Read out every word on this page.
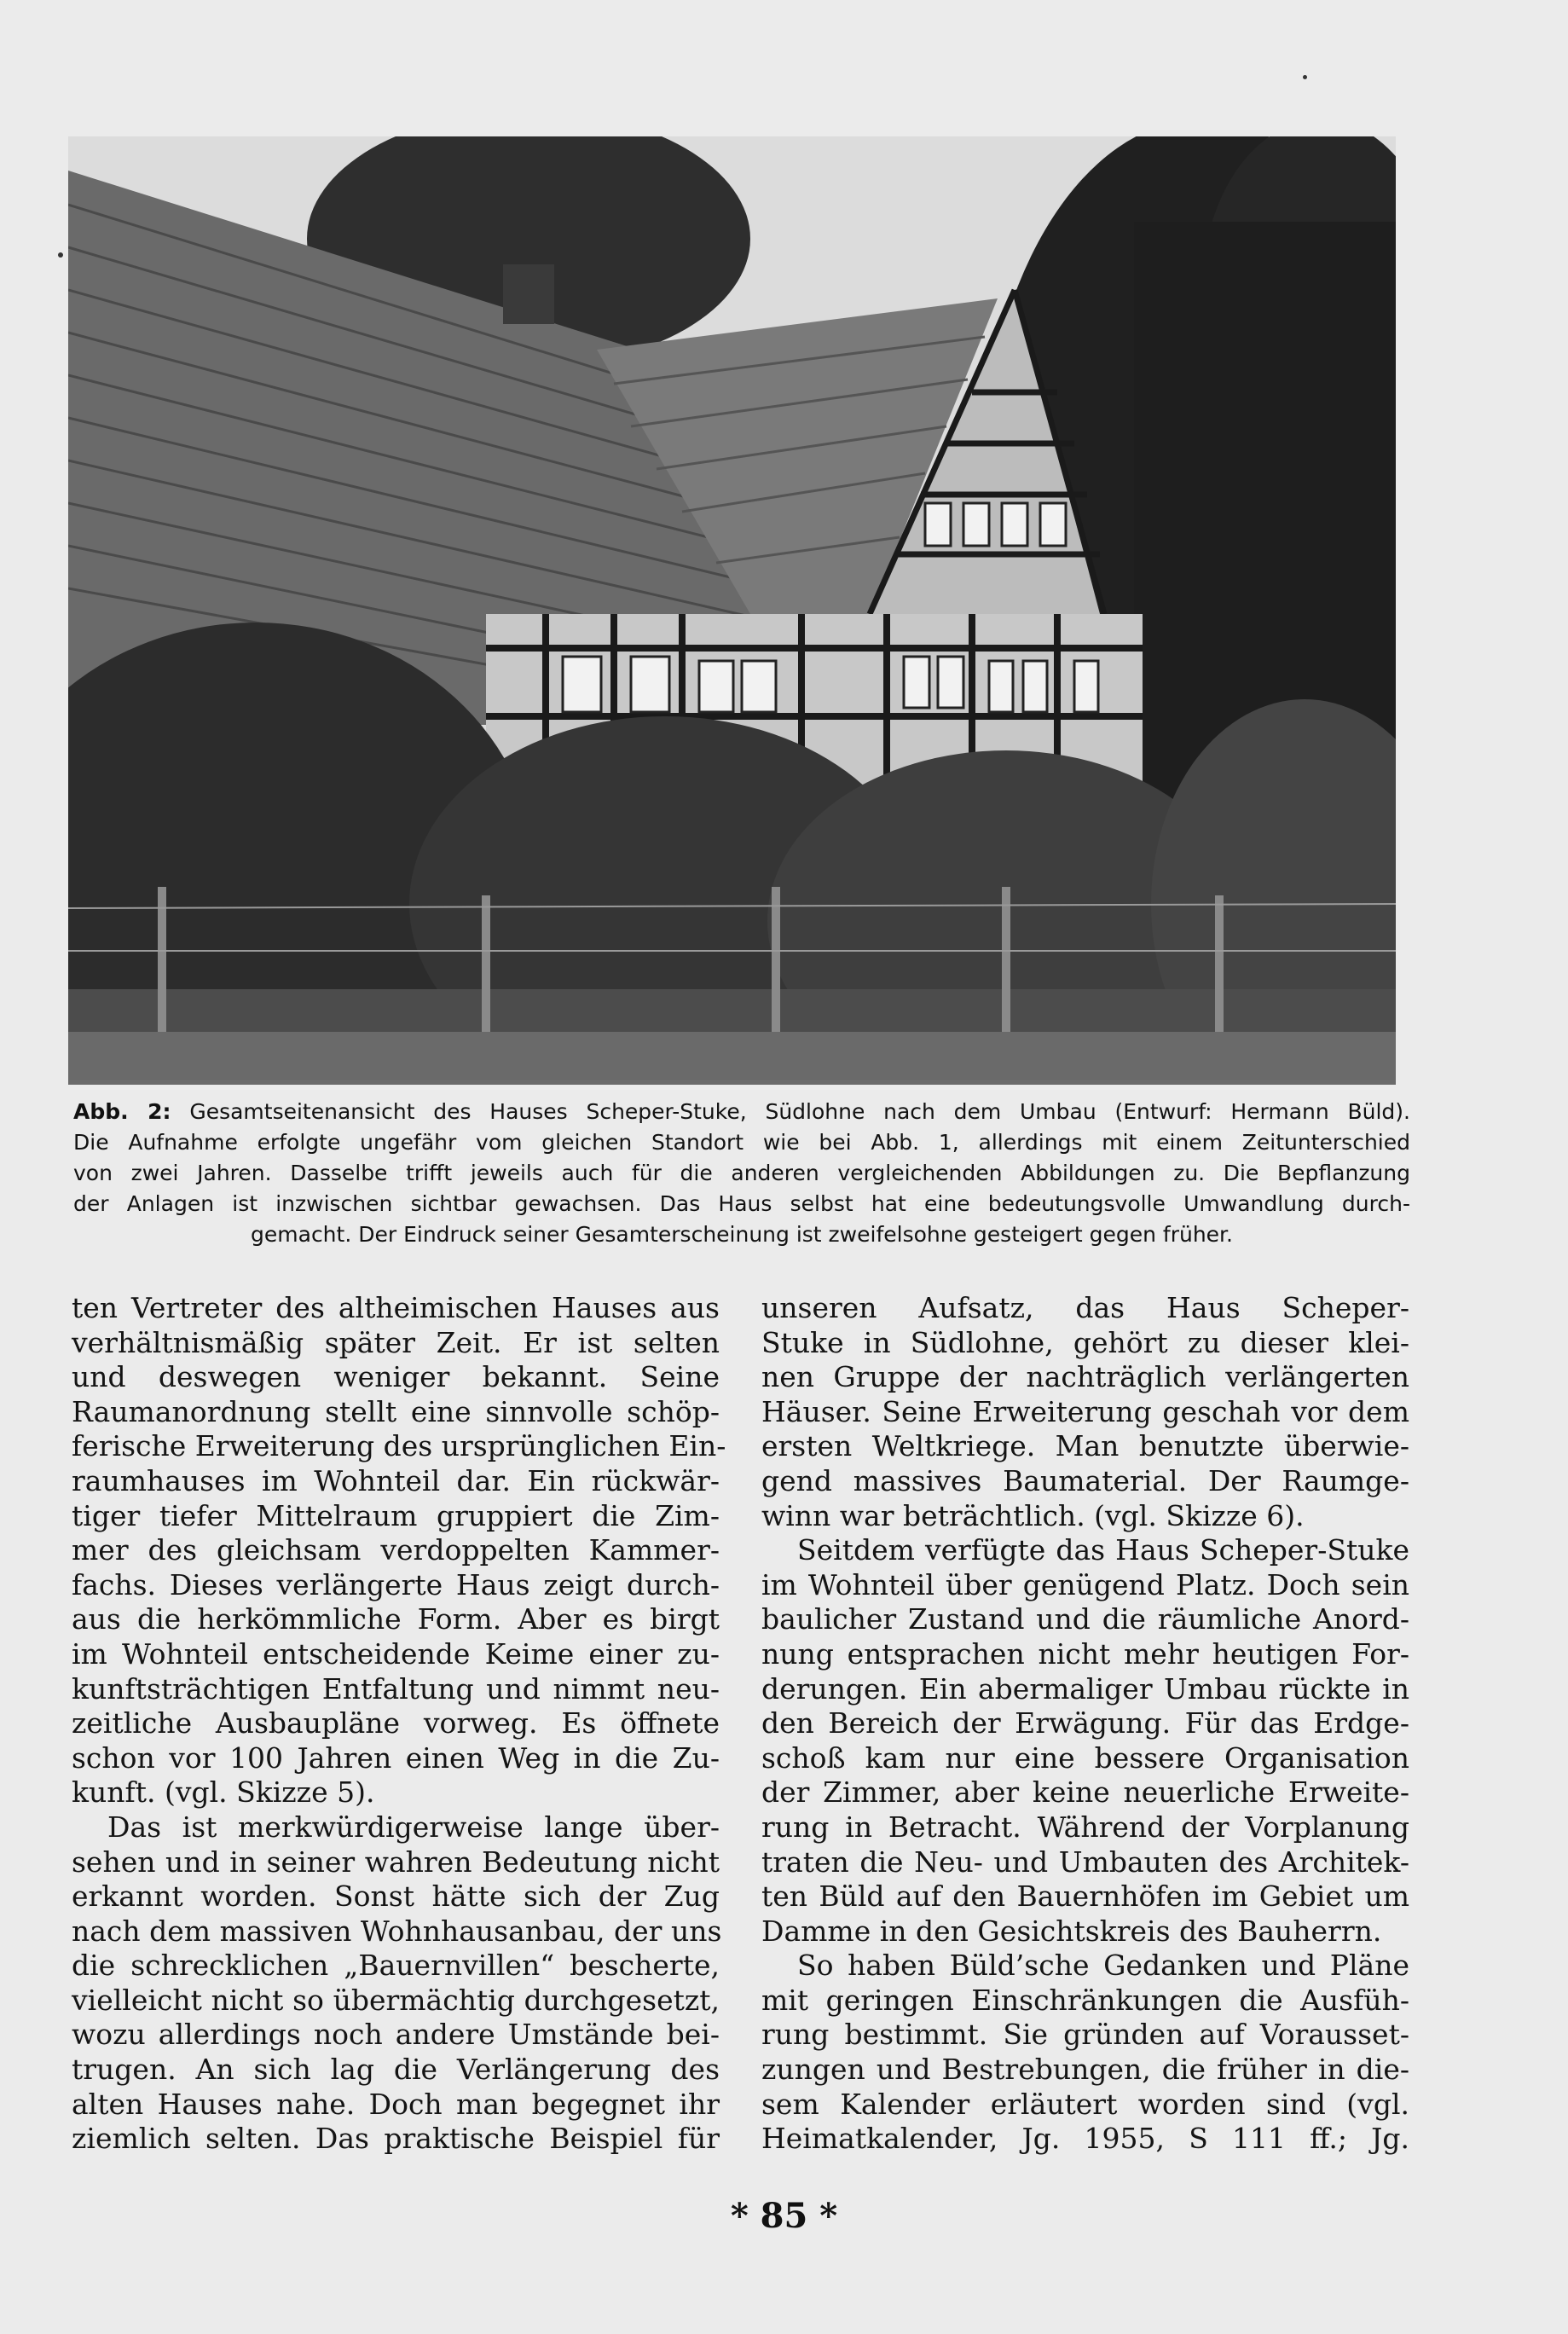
Abb. 2: Gesamtseitenansicht des Hauses Scheper-Stuke, Südlohne nach dem Umbau (Entwurf: Hermann Büld).
Die Aufnahme erfolgte ungefähr vom gleichen Standort wie bei Abb. 1, allerdings mit einem Zeitunterschied
von zwei Jahren. Dasselbe trifft jeweils auch für die anderen vergleichenden Abbildungen zu. Die Bepflanzung
der Anlagen ist inzwischen sichtbar gewachsen. Das Haus selbst hat eine bedeutungsvolle Umwandlung durch-
gemacht. Der Eindruck seiner Gesamterscheinung ist zweifelsohne gesteigert gegen früher.
ten Vertreter des altheimischen Hauses aus
verhältnismäßig später Zeit. Er ist selten
und deswegen weniger bekannt. Seine
Raumanordnung stellt eine sinnvolle schöp-
ferische Erweiterung des ursprünglichen Ein-
raumhauses im Wohnteil dar. Ein rückwär-
tiger tiefer Mittelraum gruppiert die Zim-
mer des gleichsam verdoppelten Kammer-
fachs. Dieses verlängerte Haus zeigt durch-
aus die herkömmliche Form. Aber es birgt
im Wohnteil entscheidende Keime einer zu-
kunftsträchtigen Entfaltung und nimmt neu-
zeitliche Ausbaupläne vorweg. Es öffnete
schon vor 100 Jahren einen Weg in die Zu-
kunft. (vgl. Skizze 5).
Das ist merkwürdigerweise lange über-
sehen und in seiner wahren Bedeutung nicht
erkannt worden. Sonst hätte sich der Zug
nach dem massiven Wohnhausanbau, der uns
die schrecklichen „Bauernvillen“ bescherte,
vielleicht nicht so übermächtig durchgesetzt,
wozu allerdings noch andere Umstände bei-
trugen. An sich lag die Verlängerung des
alten Hauses nahe. Doch man begegnet ihr
ziemlich selten. Das praktische Beispiel für
unseren Aufsatz, das Haus Scheper-
Stuke in Südlohne, gehört zu dieser klei-
nen Gruppe der nachträglich verlängerten
Häuser. Seine Erweiterung geschah vor dem
ersten Weltkriege. Man benutzte überwie-
gend massives Baumaterial. Der Raumge-
winn war beträchtlich. (vgl. Skizze 6).
Seitdem verfügte das Haus Scheper-Stuke
im Wohnteil über genügend Platz. Doch sein
baulicher Zustand und die räumliche Anord-
nung entsprachen nicht mehr heutigen For-
derungen. Ein abermaliger Umbau rückte in
den Bereich der Erwägung. Für das Erdge-
schoß kam nur eine bessere Organisation
der Zimmer, aber keine neuerliche Erweite-
rung in Betracht. Während der Vorplanung
traten die Neu- und Umbauten des Architek-
ten Büld auf den Bauernhöfen im Gebiet um
Damme in den Gesichtskreis des Bauherrn.
So haben Büld’sche Gedanken und Pläne
mit geringen Einschränkungen die Ausfüh-
rung bestimmt. Sie gründen auf Vorausset-
zungen und Bestrebungen, die früher in die-
sem Kalender erläutert worden sind (vgl.
Heimatkalender, Jg. 1955, S 111 ff.; Jg.
* 85 *
